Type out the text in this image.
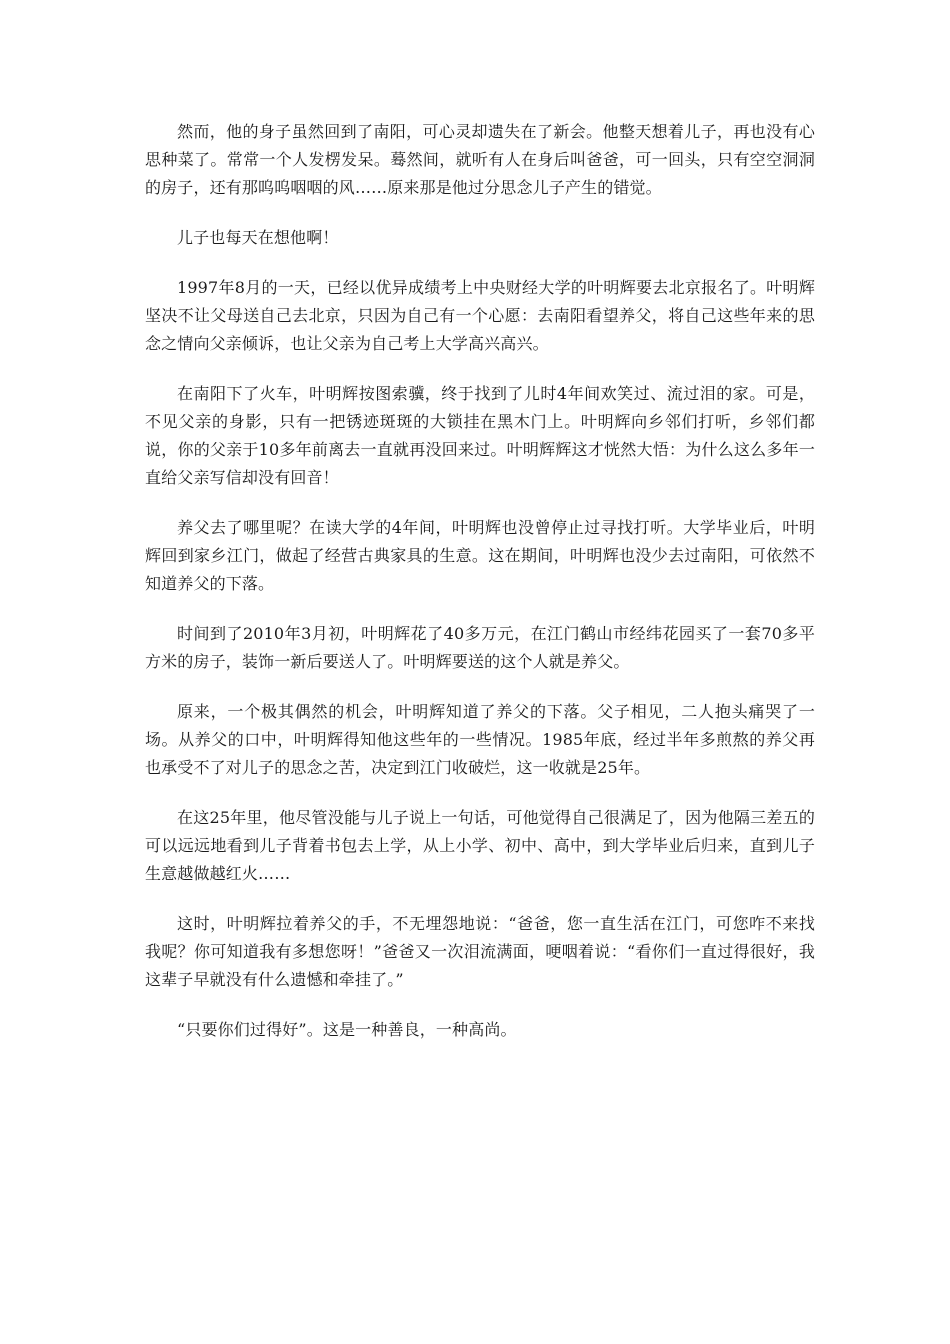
然而，他的身子虽然回到了南阳，可心灵却遗失在了新会。他整天想着儿子，再也没有心思种菜了。常常一个人发楞发呆。蓦然间，就听有人在身后叫爸爸，可一回头，只有空空洞洞的房子，还有那呜呜咽咽的风……原来那是他过分思念儿子产生的错觉。

儿子也每天在想他啊！

1997年8月的一天，已经以优异成绩考上中央财经大学的叶明辉要去北京报名了。叶明辉坚决不让父母送自己去北京，只因为自己有一个心愿：去南阳看望养父，将自己这些年来的思念之情向父亲倾诉，也让父亲为自己考上大学高兴高兴。

在南阳下了火车，叶明辉按图索骥，终于找到了儿时4年间欢笑过、流过泪的家。可是，不见父亲的身影，只有一把锈迹斑斑的大锁挂在黑木门上。叶明辉向乡邻们打听，乡邻们都说，你的父亲于10多年前离去一直就再没回来过。叶明辉辉这才恍然大悟：为什么这么多年一直给父亲写信却没有回音！

养父去了哪里呢？在读大学的4年间，叶明辉也没曾停止过寻找打听。大学毕业后，叶明辉回到家乡江门，做起了经营古典家具的生意。这在期间，叶明辉也没少去过南阳，可依然不知道养父的下落。

时间到了2010年3月初，叶明辉花了40多万元，在江门鹤山市经纬花园买了一套70多平方米的房子，装饰一新后要送人了。叶明辉要送的这个人就是养父。

原来，一个极其偶然的机会，叶明辉知道了养父的下落。父子相见，二人抱头痛哭了一场。从养父的口中，叶明辉得知他这些年的一些情况。1985年底，经过半年多煎熬的养父再也承受不了对儿子的思念之苦，决定到江门收破烂，这一收就是25年。

在这25年里，他尽管没能与儿子说上一句话，可他觉得自己很满足了，因为他隔三差五的可以远远地看到儿子背着书包去上学，从上小学、初中、高中，到大学毕业后归来，直到儿子生意越做越红火……

这时，叶明辉拉着养父的手，不无埋怨地说：“爸爸，您一直生活在江门，可您咋不来找我呢？你可知道我有多想您呀！”爸爸又一次泪流满面，哽咽着说：“看你们一直过得很好，我这辈子早就没有什么遗憾和牵挂了。”

“只要你们过得好”。这是一种善良，一种高尚。
